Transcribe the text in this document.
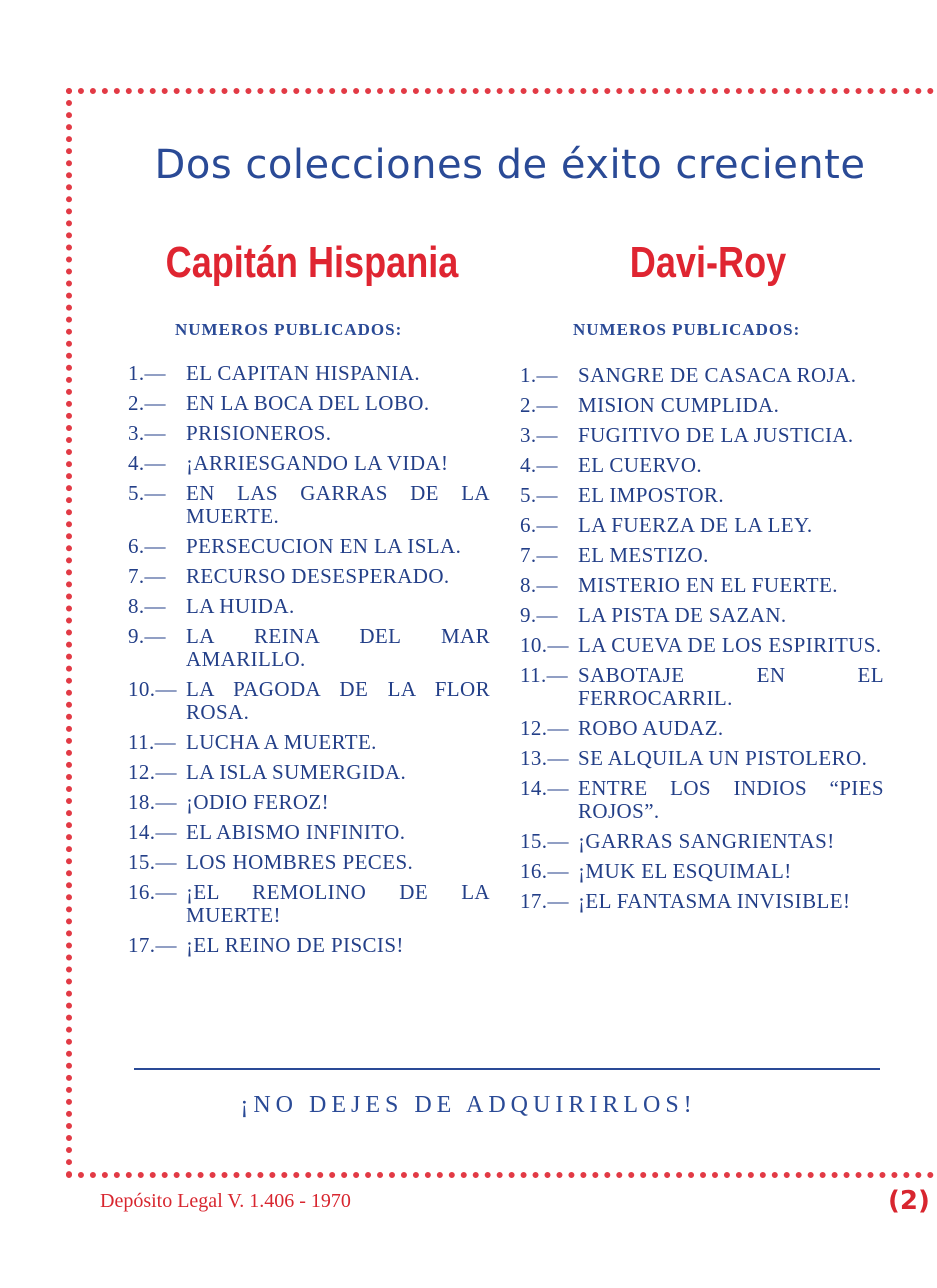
Dos colecciones de éxito creciente
Capitán Hispania	Davi-Roy
NUMEROS PUBLICADOS:	NUMEROS PUBLICADOS:
1.— EL CAPITAN HISPANIA.
2.— EN LA BOCA DEL LOBO.
3.— PRISIONEROS.
4.— ¡ARRIESGANDO LA VIDA!
5.— EN LAS GARRAS DE LA MUERTE.
6.— PERSECUCION EN LA ISLA.
7.— RECURSO DESESPERADO.
8.— LA HUIDA.
9.— LA REINA DEL MAR AMARILLO.
10.— LA PAGODA DE LA FLOR ROSA.
11.— LUCHA A MUERTE.
12.— LA ISLA SUMERGIDA.
18.— ¡ODIO FEROZ!
14.— EL ABISMO INFINITO.
15.— LOS HOMBRES PECES.
16.— ¡EL REMOLINO DE LA MUERTE!
17.— ¡EL REINO DE PISCIS!
1.— SANGRE DE CASACA ROJA.
2.— MISION CUMPLIDA.
3.— FUGITIVO DE LA JUSTICIA.
4.— EL CUERVO.
5.— EL IMPOSTOR.
6.— LA FUERZA DE LA LEY.
7.— EL MESTIZO.
8.— MISTERIO EN EL FUERTE.
9.— LA PISTA DE SAZAN.
10.— LA CUEVA DE LOS ESPIRITUS.
11.— SABOTAJE EN EL FERROCARRIL.
12.— ROBO AUDAZ.
13.— SE ALQUILA UN PISTOLERO.
14.— ENTRE LOS INDIOS “PIES ROJOS”.
15.— ¡GARRAS SANGRIENTAS!
16.— ¡MUK EL ESQUIMAL!
17.— ¡EL FANTASMA INVISIBLE!
¡NO DEJES DE ADQUIRIRLOS!
Depósito Legal V. 1.406 - 1970	(2)
